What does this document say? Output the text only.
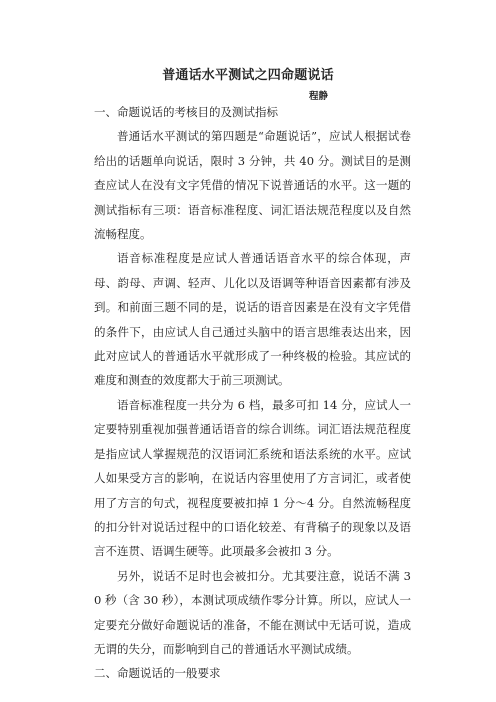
普通话水平测试之四命题说话
程静
一、命题说话的考核目的及测试指标

普通话水平测试的第四题是“命题说话”，应试人根据试卷给出的话题单向说话，限时 3 分钟，共 40 分。测试目的是测查应试人在没有文字凭借的情况下说普通话的水平。这一题的测试指标有三项：语音标准程度、词汇语法规范程度以及自然流畅程度。

语音标准程度是应试人普通话语音水平的综合体现，声母、韵母、声调、轻声、儿化以及语调等种语音因素都有涉及到。和前面三题不同的是，说话的语音因素是在没有文字凭借的条件下，由应试人自己通过头脑中的语言思维表达出来，因此对应试人的普通话水平就形成了一种终极的检验。其应试的难度和测查的效度都大于前三项测试。

语音标准程度一共分为 6 档，最多可扣 14 分，应试人一定要特别重视加强普通话语音的综合训练。词汇语法规范程度是指应试人掌握规范的汉语词汇系统和语法系统的水平。应试人如果受方言的影响，在说话内容里使用了方言词汇，或者使用了方言的句式，视程度要被扣掉 1 分～4 分。自然流畅程度的扣分针对说话过程中的口语化较差、有背稿子的现象以及语言不连贯、语调生硬等。此项最多会被扣 3 分。

另外，说话不足时也会被扣分。尤其要注意，说话不满 30 秒（含 30 秒），本测试项成绩作零分计算。所以，应试人一定要充分做好命题说话的准备，不能在测试中无话可说，造成无谓的失分，而影响到自己的普通话水平测试成绩。

二、命题说话的一般要求
